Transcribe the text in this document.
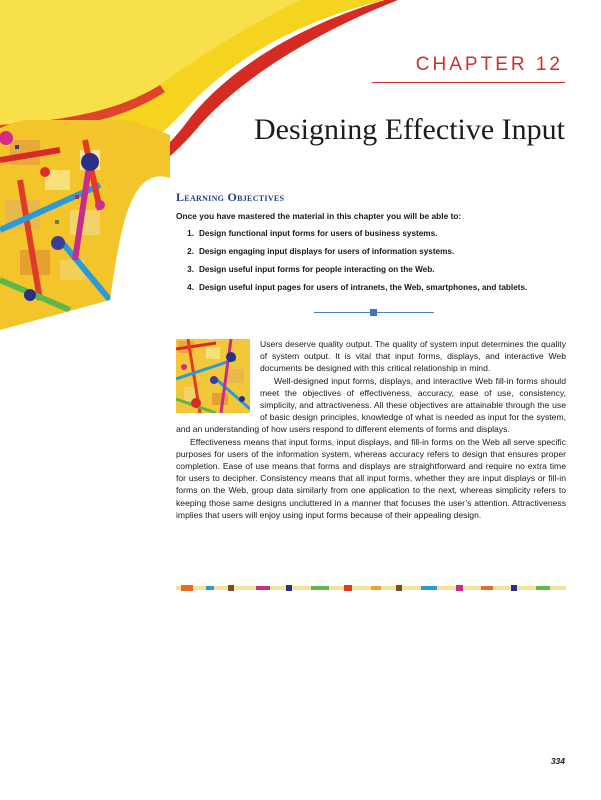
CHAPTER 12
Designing Effective Input
Learning Objectives
Once you have mastered the material in this chapter you will be able to:
1. Design functional input forms for users of business systems.
2. Design engaging input displays for users of information systems.
3. Design useful input forms for people interacting on the Web.
4. Design useful input pages for users of intranets, the Web, smartphones, and tablets.

Users deserve quality output. The quality of system input determines the quality of system output. It is vital that input forms, displays, and interactive Web documents be designed with this critical relationship in mind.

Well-designed input forms, displays, and interactive Web fill-in forms should meet the objectives of effectiveness, accuracy, ease of use, consistency, simplicity, and attractiveness. All these objectives are attainable through the use of basic design principles, knowledge of what is needed as input for the system, and an understanding of how users respond to different elements of forms and displays.

Effectiveness means that input forms, input displays, and fill-in forms on the Web all serve specific purposes for users of the information system, whereas accuracy refers to design that ensures proper completion. Ease of use means that forms and displays are straightforward and require no extra time for users to decipher. Consistency means that all input forms, whether they are input displays or fill-in forms on the Web, group data similarly from one application to the next, whereas simplicity refers to keeping those same designs uncluttered in a manner that focuses the user’s attention. Attractiveness implies that users will enjoy using input forms because of their appealing design.

334
